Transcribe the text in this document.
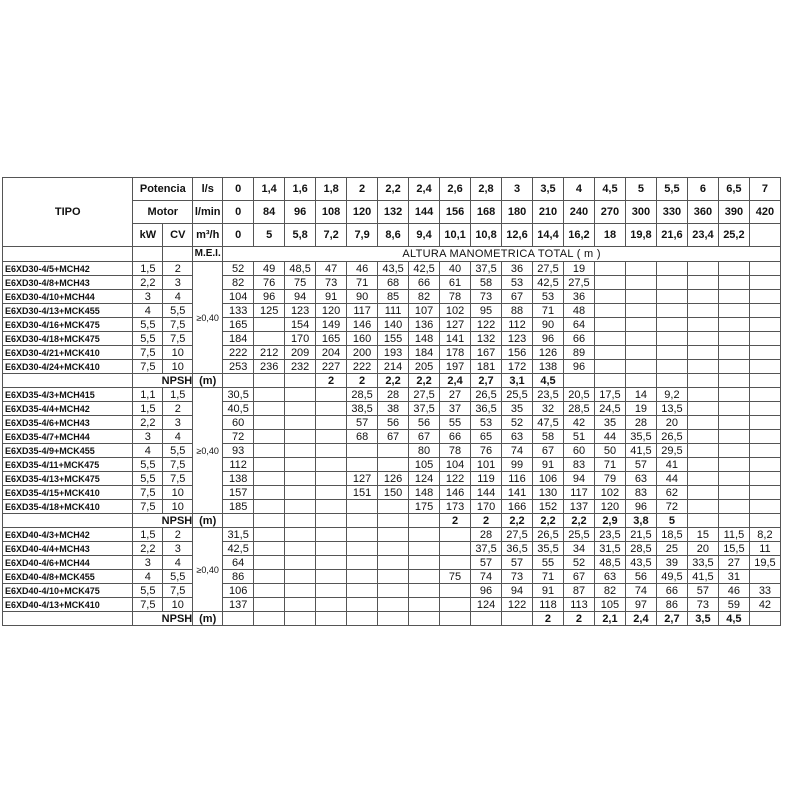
TIPO	Potencia		l/s	0	1,4	1,6	1,8	2	2,2	2,4	2,6	2,8	3	3,5	4	4,5	5	5,5	6	6,5	7
	Motor		l/min	0	84	96	108	120	132	144	156	168	180	210	240	270	300	330	360	390	420
	kW	CV	m³/h	0	5	5,8	7,2	7,9	8,6	9,4	10,1	10,8	12,6	14,4	16,2	18	19,8	21,6	23,4	25,2	
			M.E.I.	ALTURA MANOMETRICA TOTAL ( m )																	
E6XD30-4/5+MCH42	1,5	2	≥0,40	52	49	48,5	47	46	43,5	42,5	40	37,5	36	27,5	19						
E6XD30-4/8+MCH43	2,2	3		82	76	75	73	71	68	66	61	58	53	42,5	27,5						
E6XD30-4/10+MCH44	3	4		104	96	94	91	90	85	82	78	73	67	53	36						
E6XD30-4/13+MCK455	4	5,5		133	125	123	120	117	111	107	102	95	88	71	48						
E6XD30-4/16+MCK475	5,5	7,5		165		154	149	146	140	136	127	122	112	90	64						
E6XD30-4/18+MCK475	5,5	7,5		184		170	165	160	155	148	141	132	123	96	66						
E6XD30-4/21+MCK410	7,5	10		222	212	209	204	200	193	184	178	167	156	126	89						
E6XD30-4/24+MCK410	7,5	10		253	236	232	227	222	214	205	197	181	172	138	96						
	NPSH		(m)				2	2	2,2	2,2	2,4	2,7	3,1	4,5							
E6XD35-4/3+MCH415	1,1	1,5	≥0,40	30,5				28,5	28	27,5	27	26,5	25,5	23,5	20,5	17,5	14	9,2			
E6XD35-4/4+MCH42	1,5	2		40,5				38,5	38	37,5	37	36,5	35	32	28,5	24,5	19	13,5			
E6XD35-4/6+MCH43	2,2	3		60				57	56	56	55	53	52	47,5	42	35	28	20			
E6XD35-4/7+MCH44	3	4		72				68	67	67	66	65	63	58	51	44	35,5	26,5			
E6XD35-4/9+MCK455	4	5,5		93						80	78	76	74	67	60	50	41,5	29,5			
E6XD35-4/11+MCK475	5,5	7,5		112						105	104	101	99	91	83	71	57	41			
E6XD35-4/13+MCK475	5,5	7,5		138				127	126	124	122	119	116	106	94	79	63	44			
E6XD35-4/15+MCK410	7,5	10		157				151	150	148	146	144	141	130	117	102	83	62			
E6XD35-4/18+MCK410	7,5	10		185						175	173	170	166	152	137	120	96	72			
	NPSH		(m)								2	2	2,2	2,2	2,2	2,9	3,8	5			
E6XD40-4/3+MCH42	1,5	2	≥0,40	31,5								28	27,5	26,5	25,5	23,5	21,5	18,5	15	11,5	8,2
E6XD40-4/4+MCH43	2,2	3		42,5								37,5	36,5	35,5	34	31,5	28,5	25	20	15,5	11
E6XD40-4/6+MCH44	3	4		64								57	57	55	52	48,5	43,5	39	33,5	27	19,5
E6XD40-4/8+MCK455	4	5,5		86							75	74	73	71	67	63	56	49,5	41,5	31	
E6XD40-4/10+MCK475	5,5	7,5		106								96	94	91	87	82	74	66	57	46	33
E6XD40-4/13+MCK410	7,5	10		137								124	122	118	113	105	97	86	73	59	42
	NPSH		(m)											2	2	2,1	2,4	2,7	3,5	4,5	
